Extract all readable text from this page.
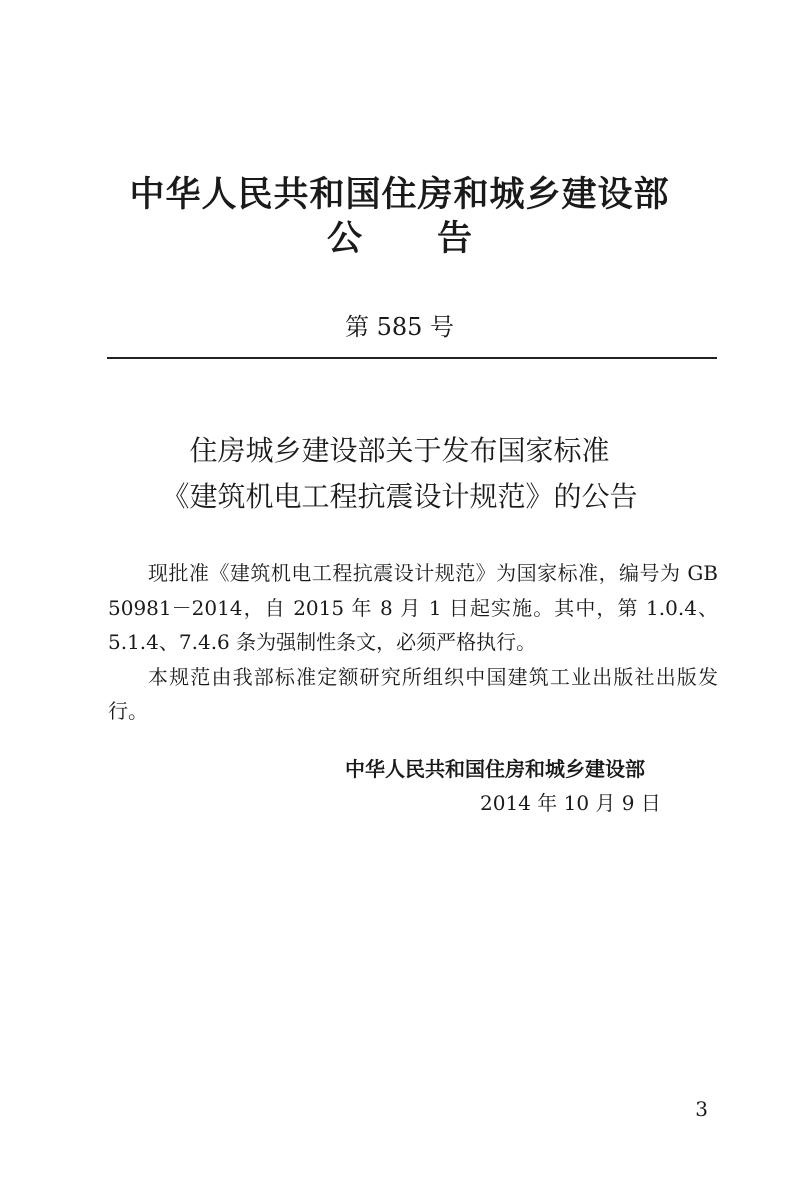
中华人民共和国住房和城乡建设部
公告
第 585 号
住房城乡建设部关于发布国家标准
《建筑机电工程抗震设计规范》的公告

现批准《建筑机电工程抗震设计规范》为国家标准，编号为 GB 50981－2014，自 2015 年 8 月 1 日起实施。其中，第 1.0.4、5.1.4、7.4.6 条为强制性条文，必须严格执行。

本规范由我部标准定额研究所组织中国建筑工业出版社出版发行。

中华人民共和国住房和城乡建设部
2014 年 10 月 9 日
3
